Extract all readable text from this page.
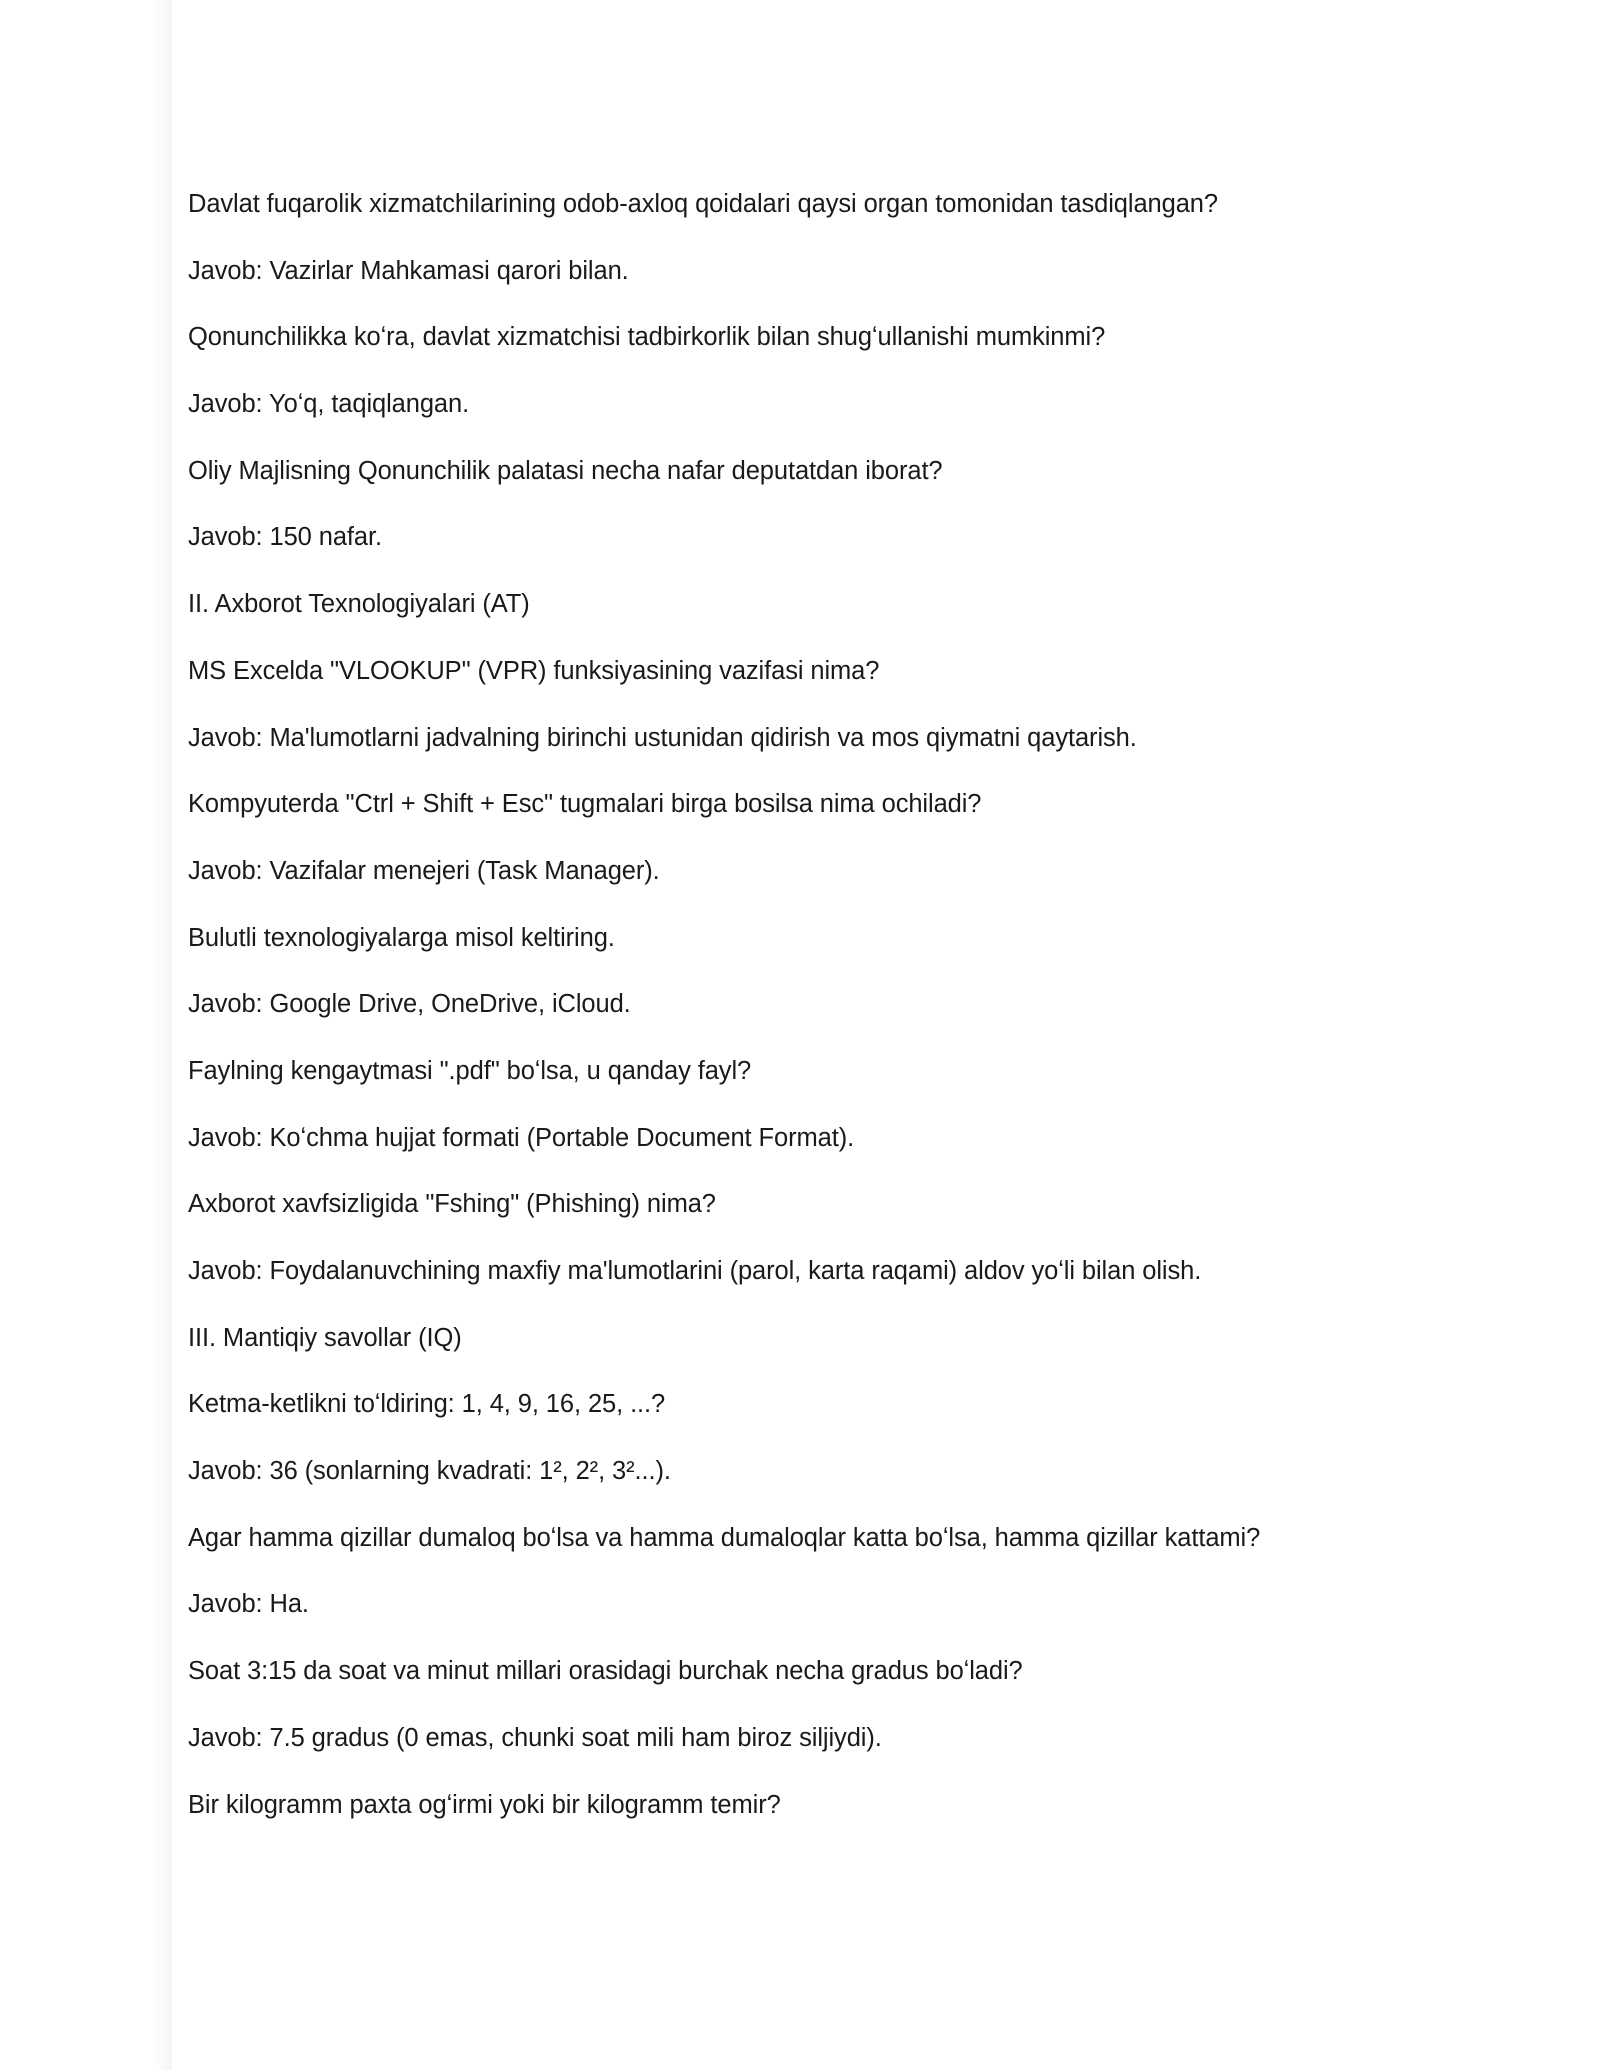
Davlat fuqarolik xizmatchilarining odob-axloq qoidalari qaysi organ tomonidan tasdiqlangan?

Javob: Vazirlar Mahkamasi qarori bilan.

Qonunchilikka koʻra, davlat xizmatchisi tadbirkorlik bilan shugʻullanishi mumkinmi?

Javob: Yoʻq, taqiqlangan.

Oliy Majlisning Qonunchilik palatasi necha nafar deputatdan iborat?

Javob: 150 nafar.

II. Axborot Texnologiyalari (AT)

MS Excelda "VLOOKUP" (VPR) funksiyasining vazifasi nima?

Javob: Ma'lumotlarni jadvalning birinchi ustunidan qidirish va mos qiymatni qaytarish.

Kompyuterda "Ctrl + Shift + Esc" tugmalari birga bosilsa nima ochiladi?

Javob: Vazifalar menejeri (Task Manager).

Bulutli texnologiyalarga misol keltiring.

Javob: Google Drive, OneDrive, iCloud.

Faylning kengaytmasi ".pdf" boʻlsa, u qanday fayl?

Javob: Koʻchma hujjat formati (Portable Document Format).

Axborot xavfsizligida "Fshing" (Phishing) nima?

Javob: Foydalanuvchining maxfiy ma'lumotlarini (parol, karta raqami) aldov yoʻli bilan olish.

III. Mantiqiy savollar (IQ)

Ketma-ketlikni toʻldiring: 1, 4, 9, 16, 25, ...?

Javob: 36 (sonlarning kvadrati: 1², 2², 3²...).

Agar hamma qizillar dumaloq boʻlsa va hamma dumaloqlar katta boʻlsa, hamma qizillar kattami?

Javob: Ha.

Soat 3:15 da soat va minut millari orasidagi burchak necha gradus boʻladi?

Javob: 7.5 gradus (0 emas, chunki soat mili ham biroz siljiydi).

Bir kilogramm paxta ogʻirmi yoki bir kilogramm temir?
